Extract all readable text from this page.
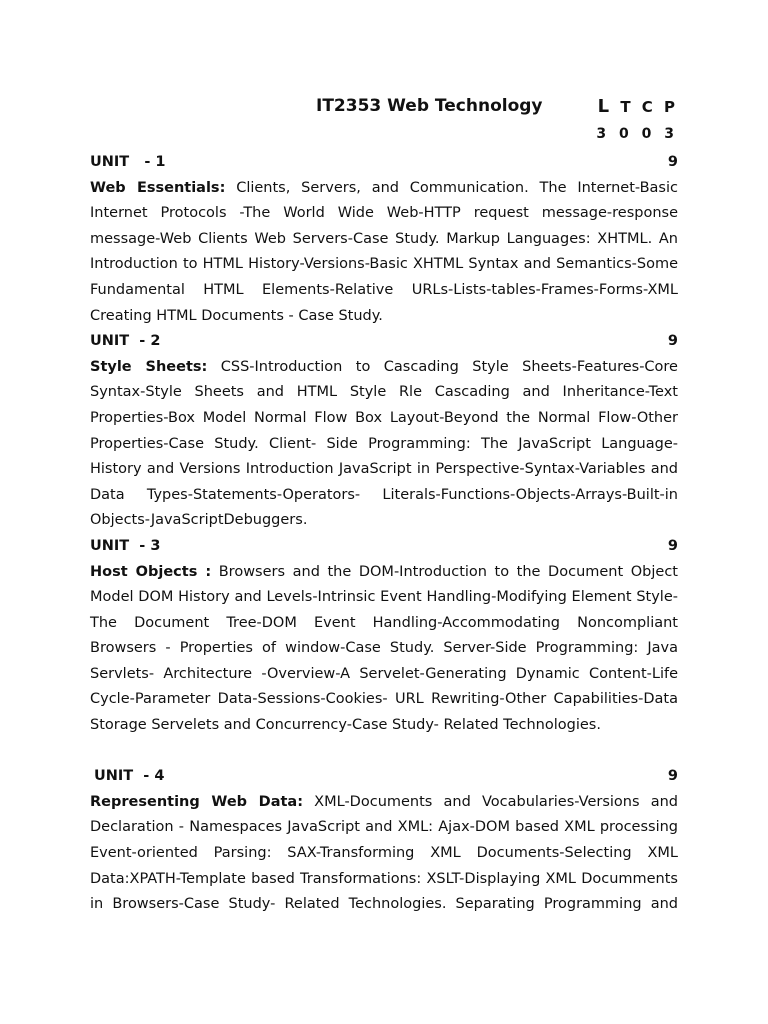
IT2353 Web Technology	L T C P
3 0 0 3
UNIT   - 1	9

Web Essentials: Clients, Servers, and Communication. The Internet-Basic Internet Protocols -The World Wide Web-HTTP request message-response message-Web Clients Web Servers-Case Study. Markup Languages: XHTML. An Introduction to HTML History-Versions-Basic XHTML Syntax and Semantics-Some Fundamental HTML Elements-Relative URLs-Lists-tables-Frames-Forms-XML Creating HTML Documents - Case Study.

UNIT  - 2	9

Style Sheets: CSS-Introduction to Cascading Style Sheets-Features-Core Syntax-Style Sheets and HTML Style Rle Cascading and Inheritance-Text Properties-Box Model Normal Flow Box Layout-Beyond the Normal Flow-Other Properties-Case Study. Client- Side Programming: The JavaScript Language-History and Versions Introduction JavaScript in Perspective-Syntax-Variables and Data Types-Statements-Operators- Literals-Functions-Objects-Arrays-Built-in Objects-JavaScriptDebuggers.

UNIT  - 3	9

Host Objects : Browsers and the DOM-Introduction to the Document Object Model DOM History and Levels-Intrinsic Event Handling-Modifying Element Style-The Document Tree-DOM Event Handling-Accommodating Noncompliant Browsers - Properties of window-Case Study. Server-Side Programming: Java Servlets- Architecture -Overview-A Servelet-Generating Dynamic Content-Life Cycle-Parameter Data-Sessions-Cookies- URL Rewriting-Other Capabilities-Data Storage Servelets and Concurrency-Case Study- Related Technologies.

UNIT  - 4	9

Representing Web Data: XML-Documents and Vocabularies-Versions and Declaration - Namespaces JavaScript and XML: Ajax-DOM based XML processing Event-oriented Parsing: SAX-Transforming XML Documents-Selecting XML Data:XPATH-Template based Transformations: XSLT-Displaying XML Documments in Browsers-Case Study- Related Technologies. Separating Programming and
